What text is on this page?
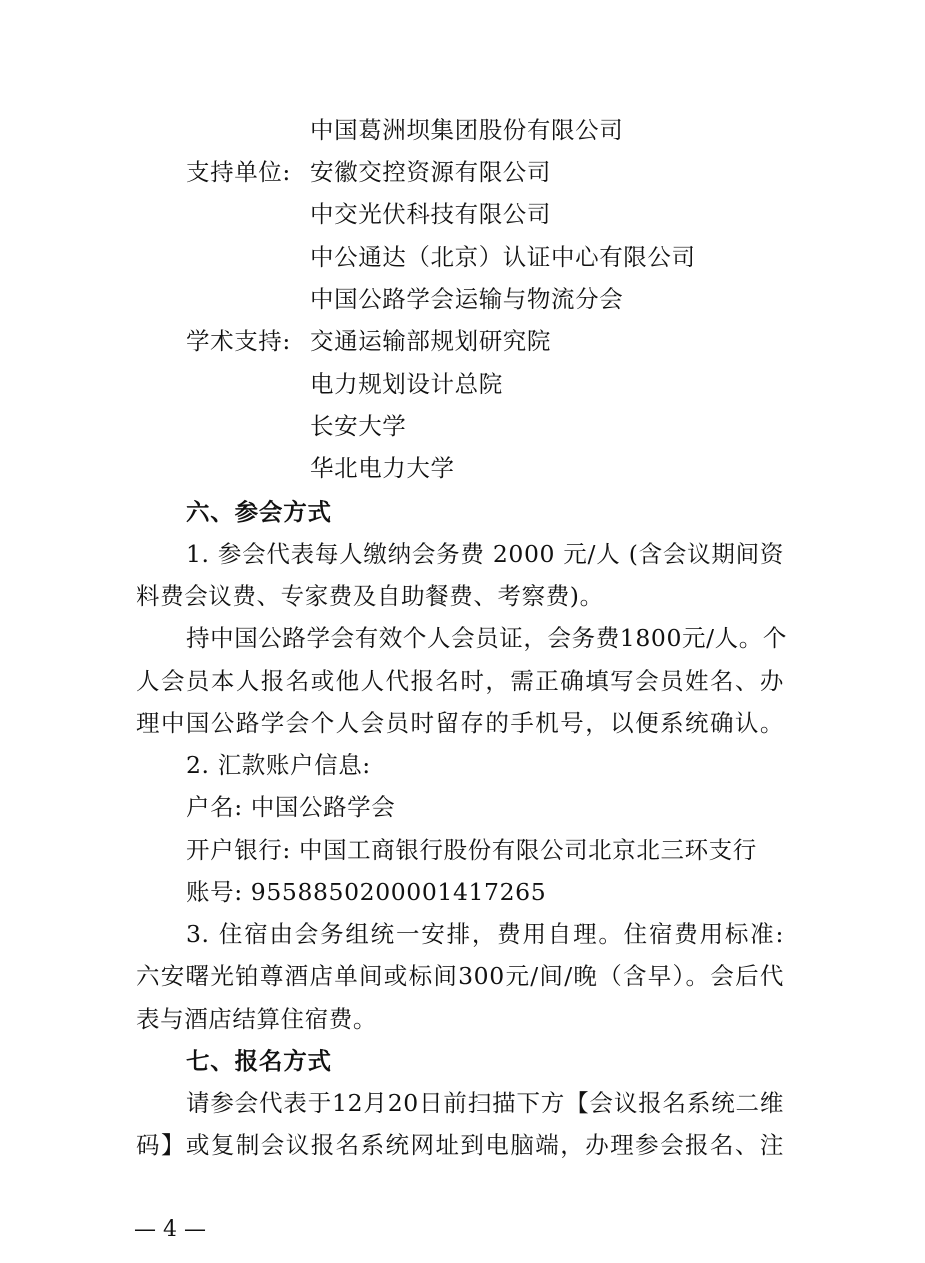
中国葛洲坝集团股份有限公司
支持单位: 安徽交控资源有限公司
中交光伏科技有限公司
中公通达（北京）认证中心有限公司
中国公路学会运输与物流分会
学术支持: 交通运输部规划研究院
电力规划设计总院
长安大学
华北电力大学
六、参会方式
1. 参会代表每人缴纳会务费 2000 元/人 (含会议期间资
料费会议费、专家费及自助餐费、考察费)。
持中国公路学会有效个人会员证，会务费1800元/人。个
人会员本人报名或他人代报名时，需正确填写会员姓名、办
理中国公路学会个人会员时留存的手机号，以便系统确认。
2. 汇款账户信息:
户名: 中国公路学会
开户银行: 中国工商银行股份有限公司北京北三环支行
账号: 9558850200001417265
3. 住宿由会务组统一安排，费用自理。住宿费用标准:
六安曙光铂尊酒店单间或标间300元/间/晚（含早）。会后代
表与酒店结算住宿费。
七、报名方式
请参会代表于12月20日前扫描下方【会议报名系统二维
码】或复制会议报名系统网址到电脑端，办理参会报名、注
— 4 —
